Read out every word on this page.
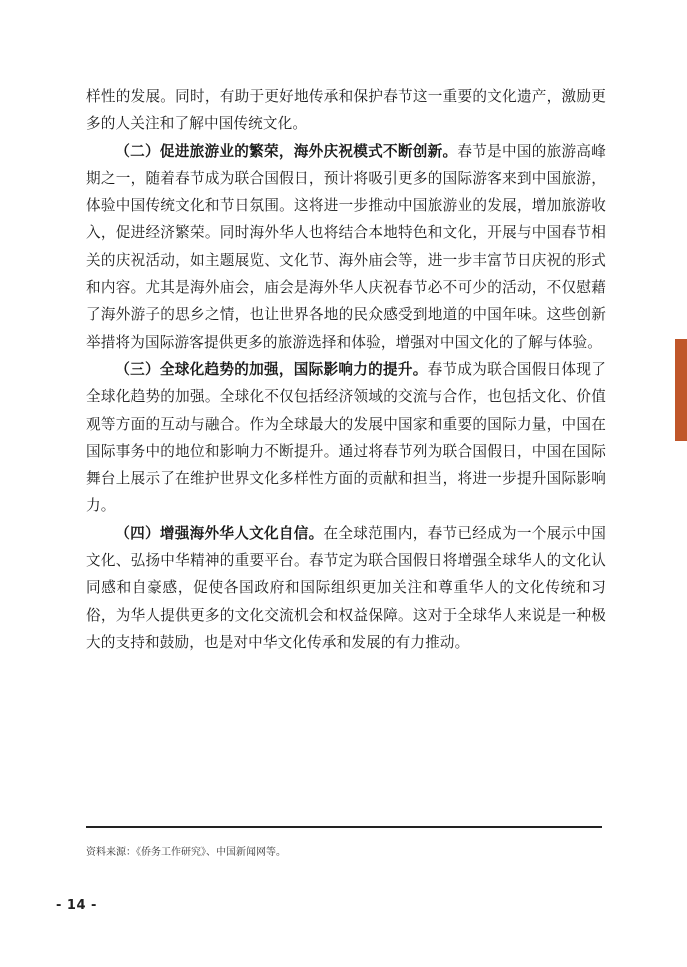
样性的发展。同时，有助于更好地传承和保护春节这一重要的文化遗产，激励更多的人关注和了解中国传统文化。

（二）促进旅游业的繁荣，海外庆祝模式不断创新。春节是中国的旅游高峰期之一，随着春节成为联合国假日，预计将吸引更多的国际游客来到中国旅游，体验中国传统文化和节日氛围。这将进一步推动中国旅游业的发展，增加旅游收入，促进经济繁荣。同时海外华人也将结合本地特色和文化，开展与中国春节相关的庆祝活动，如主题展览、文化节、海外庙会等，进一步丰富节日庆祝的形式和内容。尤其是海外庙会，庙会是海外华人庆祝春节必不可少的活动，不仅慰藉了海外游子的思乡之情，也让世界各地的民众感受到地道的中国年味。这些创新举措将为国际游客提供更多的旅游选择和体验，增强对中国文化的了解与体验。

（三）全球化趋势的加强，国际影响力的提升。春节成为联合国假日体现了全球化趋势的加强。全球化不仅包括经济领域的交流与合作，也包括文化、价值观等方面的互动与融合。作为全球最大的发展中国家和重要的国际力量，中国在国际事务中的地位和影响力不断提升。通过将春节列为联合国假日，中国在国际舞台上展示了在维护世界文化多样性方面的贡献和担当，将进一步提升国际影响力。

（四）增强海外华人文化自信。在全球范围内，春节已经成为一个展示中国文化、弘扬中华精神的重要平台。春节定为联合国假日将增强全球华人的文化认同感和自豪感，促使各国政府和国际组织更加关注和尊重华人的文化传统和习俗，为华人提供更多的文化交流机会和权益保障。这对于全球华人来说是一种极大的支持和鼓励，也是对中华文化传承和发展的有力推动。

资料来源：《侨务工作研究》、中国新闻网等。
- 14 -
